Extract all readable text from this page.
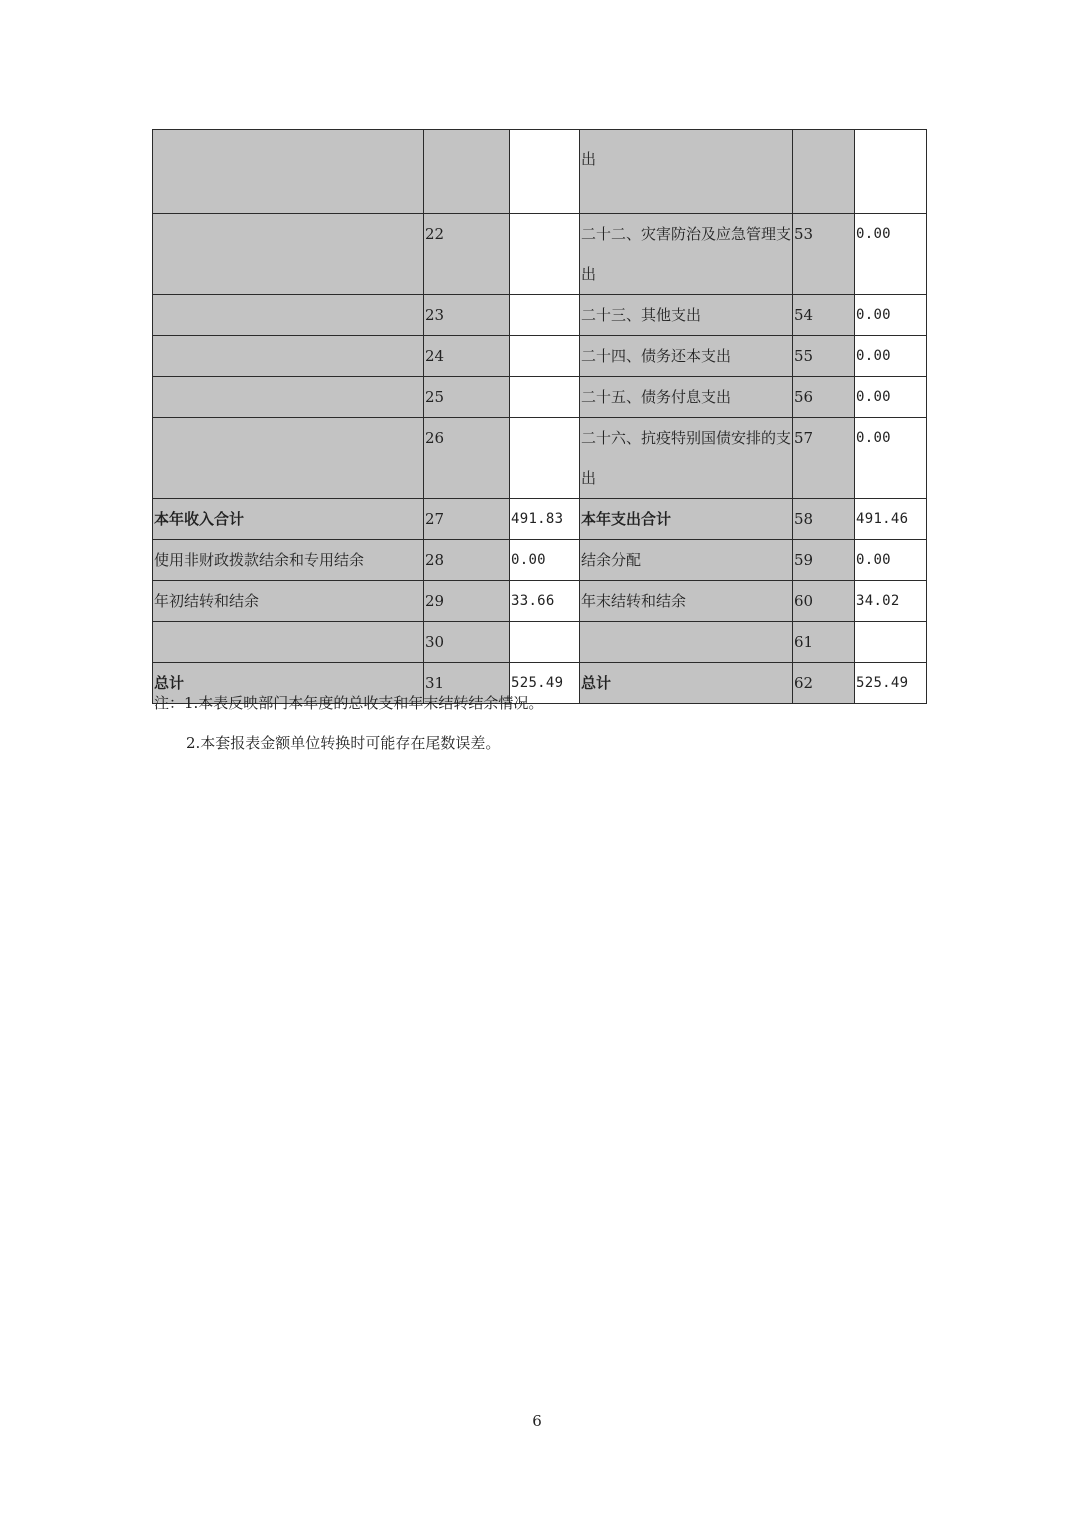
			出		
	22		二十二、灾害防治及应急管理支出	53	0.00
	23		二十三、其他支出	54	0.00
	24		二十四、债务还本支出	55	0.00
	25		二十五、债务付息支出	56	0.00
	26		二十六、抗疫特别国债安排的支出	57	0.00
本年收入合计	27	491.83	本年支出合计	58	491.46
使用非财政拨款结余和专用结余	28	0.00	结余分配	59	0.00
年初结转和结余	29	33.66	年末结转和结余	60	34.02
	30			61	
总计	31	525.49	总计	62	525.49
注：1.本表反映部门本年度的总收支和年末结转结余情况。
2.本套报表金额单位转换时可能存在尾数误差。
6
